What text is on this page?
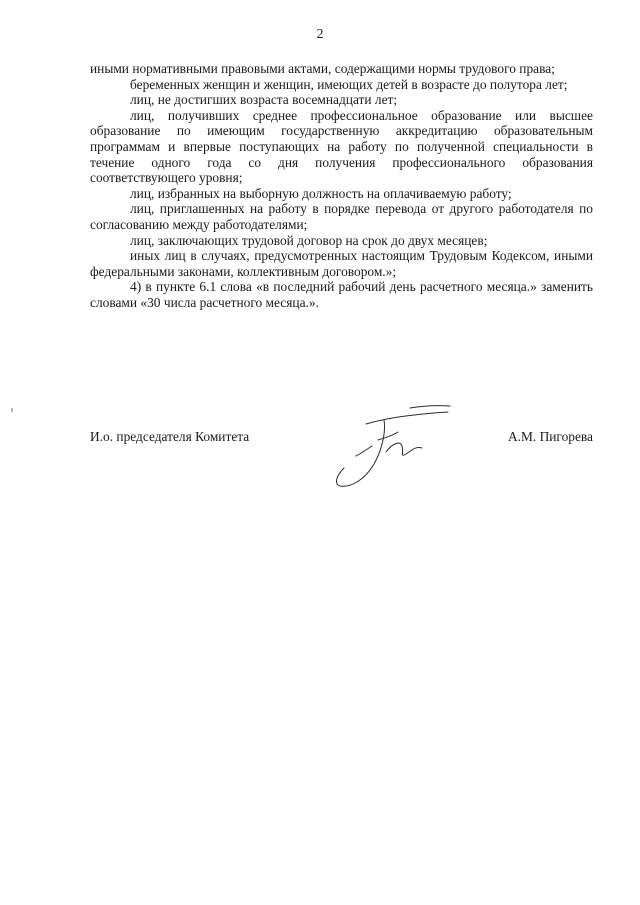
2

иными нормативными правовыми актами, содержащими нормы трудового права;

беременных женщин и женщин, имеющих детей в возрасте до полутора лет;

лиц, не достигших возраста восемнадцати лет;

лиц, получивших среднее профессиональное образование или высшее образование по имеющим государственную аккредитацию образовательным программам и впервые поступающих на работу по полученной специальности в течение одного года со дня получения профессионального образования соответствующего уровня;

лиц, избранных на выборную должность на оплачиваемую работу;

лиц, приглашенных на работу в порядке перевода от другого работодателя по согласованию между работодателями;

лиц, заключающих трудовой договор на срок до двух месяцев;

иных лиц в случаях, предусмотренных настоящим Трудовым Кодексом, иными федеральными законами, коллективным договором.»;

4) в пункте 6.1 слова «в последний рабочий день расчетного месяца.» заменить словами «30 числа расчетного месяца.».

И.о. председателя Комитета	А.М. Пигорева
